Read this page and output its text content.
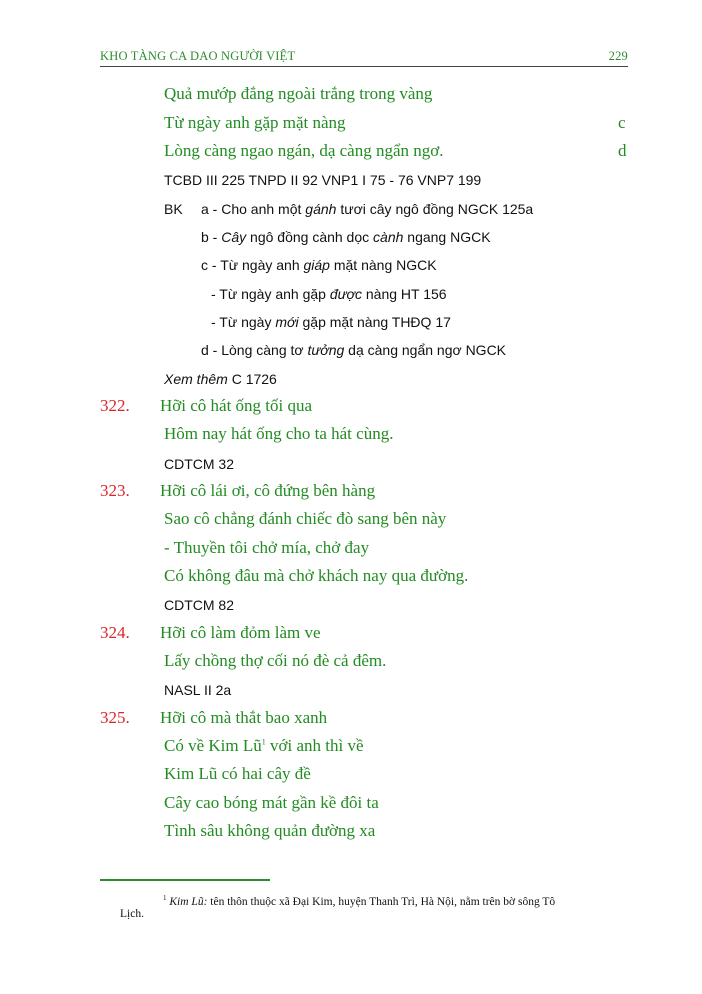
KHO TÀNG CA DAO NGƯỜI VIỆT	229
Quả mướp đắng ngoài trắng trong vàng
Từ ngày anh gặp mặt nàng	c
Lòng càng ngao ngán, dạ càng ngẩn ngơ.	d
TCBD III 225 TNPD II 92 VNP1 I 75 - 76 VNP7 199
BK a - Cho anh một gánh tươi cây ngô đồng NGCK 125a
b - Cây ngô đồng cành dọc cành ngang NGCK
c - Từ ngày anh giáp mặt nàng NGCK
- Từ ngày anh gặp được nàng HT 156
- Từ ngày mới gặp mặt nàng THĐQ 17
d - Lòng càng tơ tưởng dạ càng ngẩn ngơ NGCK
Xem thêm C 1726
322. Hỡi cô hát ống tối qua
Hôm nay hát ống cho ta hát cùng.
CDTCM 32
323. Hỡi cô lái ơi, cô đứng bên hàng
Sao cô chẳng đánh chiếc đò sang bên này
- Thuyền tôi chở mía, chở đay
Có không đâu mà chở khách nay qua đường.
CDTCM 82
324. Hỡi cô làm đỏm làm ve
Lấy chồng thợ cối nó đè cả đêm.
NASL II 2a
325. Hỡi cô mà thắt bao xanh
Có về Kim $Lũ^1$ với anh thì về
Kim Lũ có hai cây đề
Cây cao bóng mát gần kề đôi ta
Tình sâu không quản đường xa
$^1$ Kim Lũ: tên thôn thuộc xã Đại Kim, huyện Thanh Trì, Hà Nội, nằm trên bờ sông Tô
Lịch.
